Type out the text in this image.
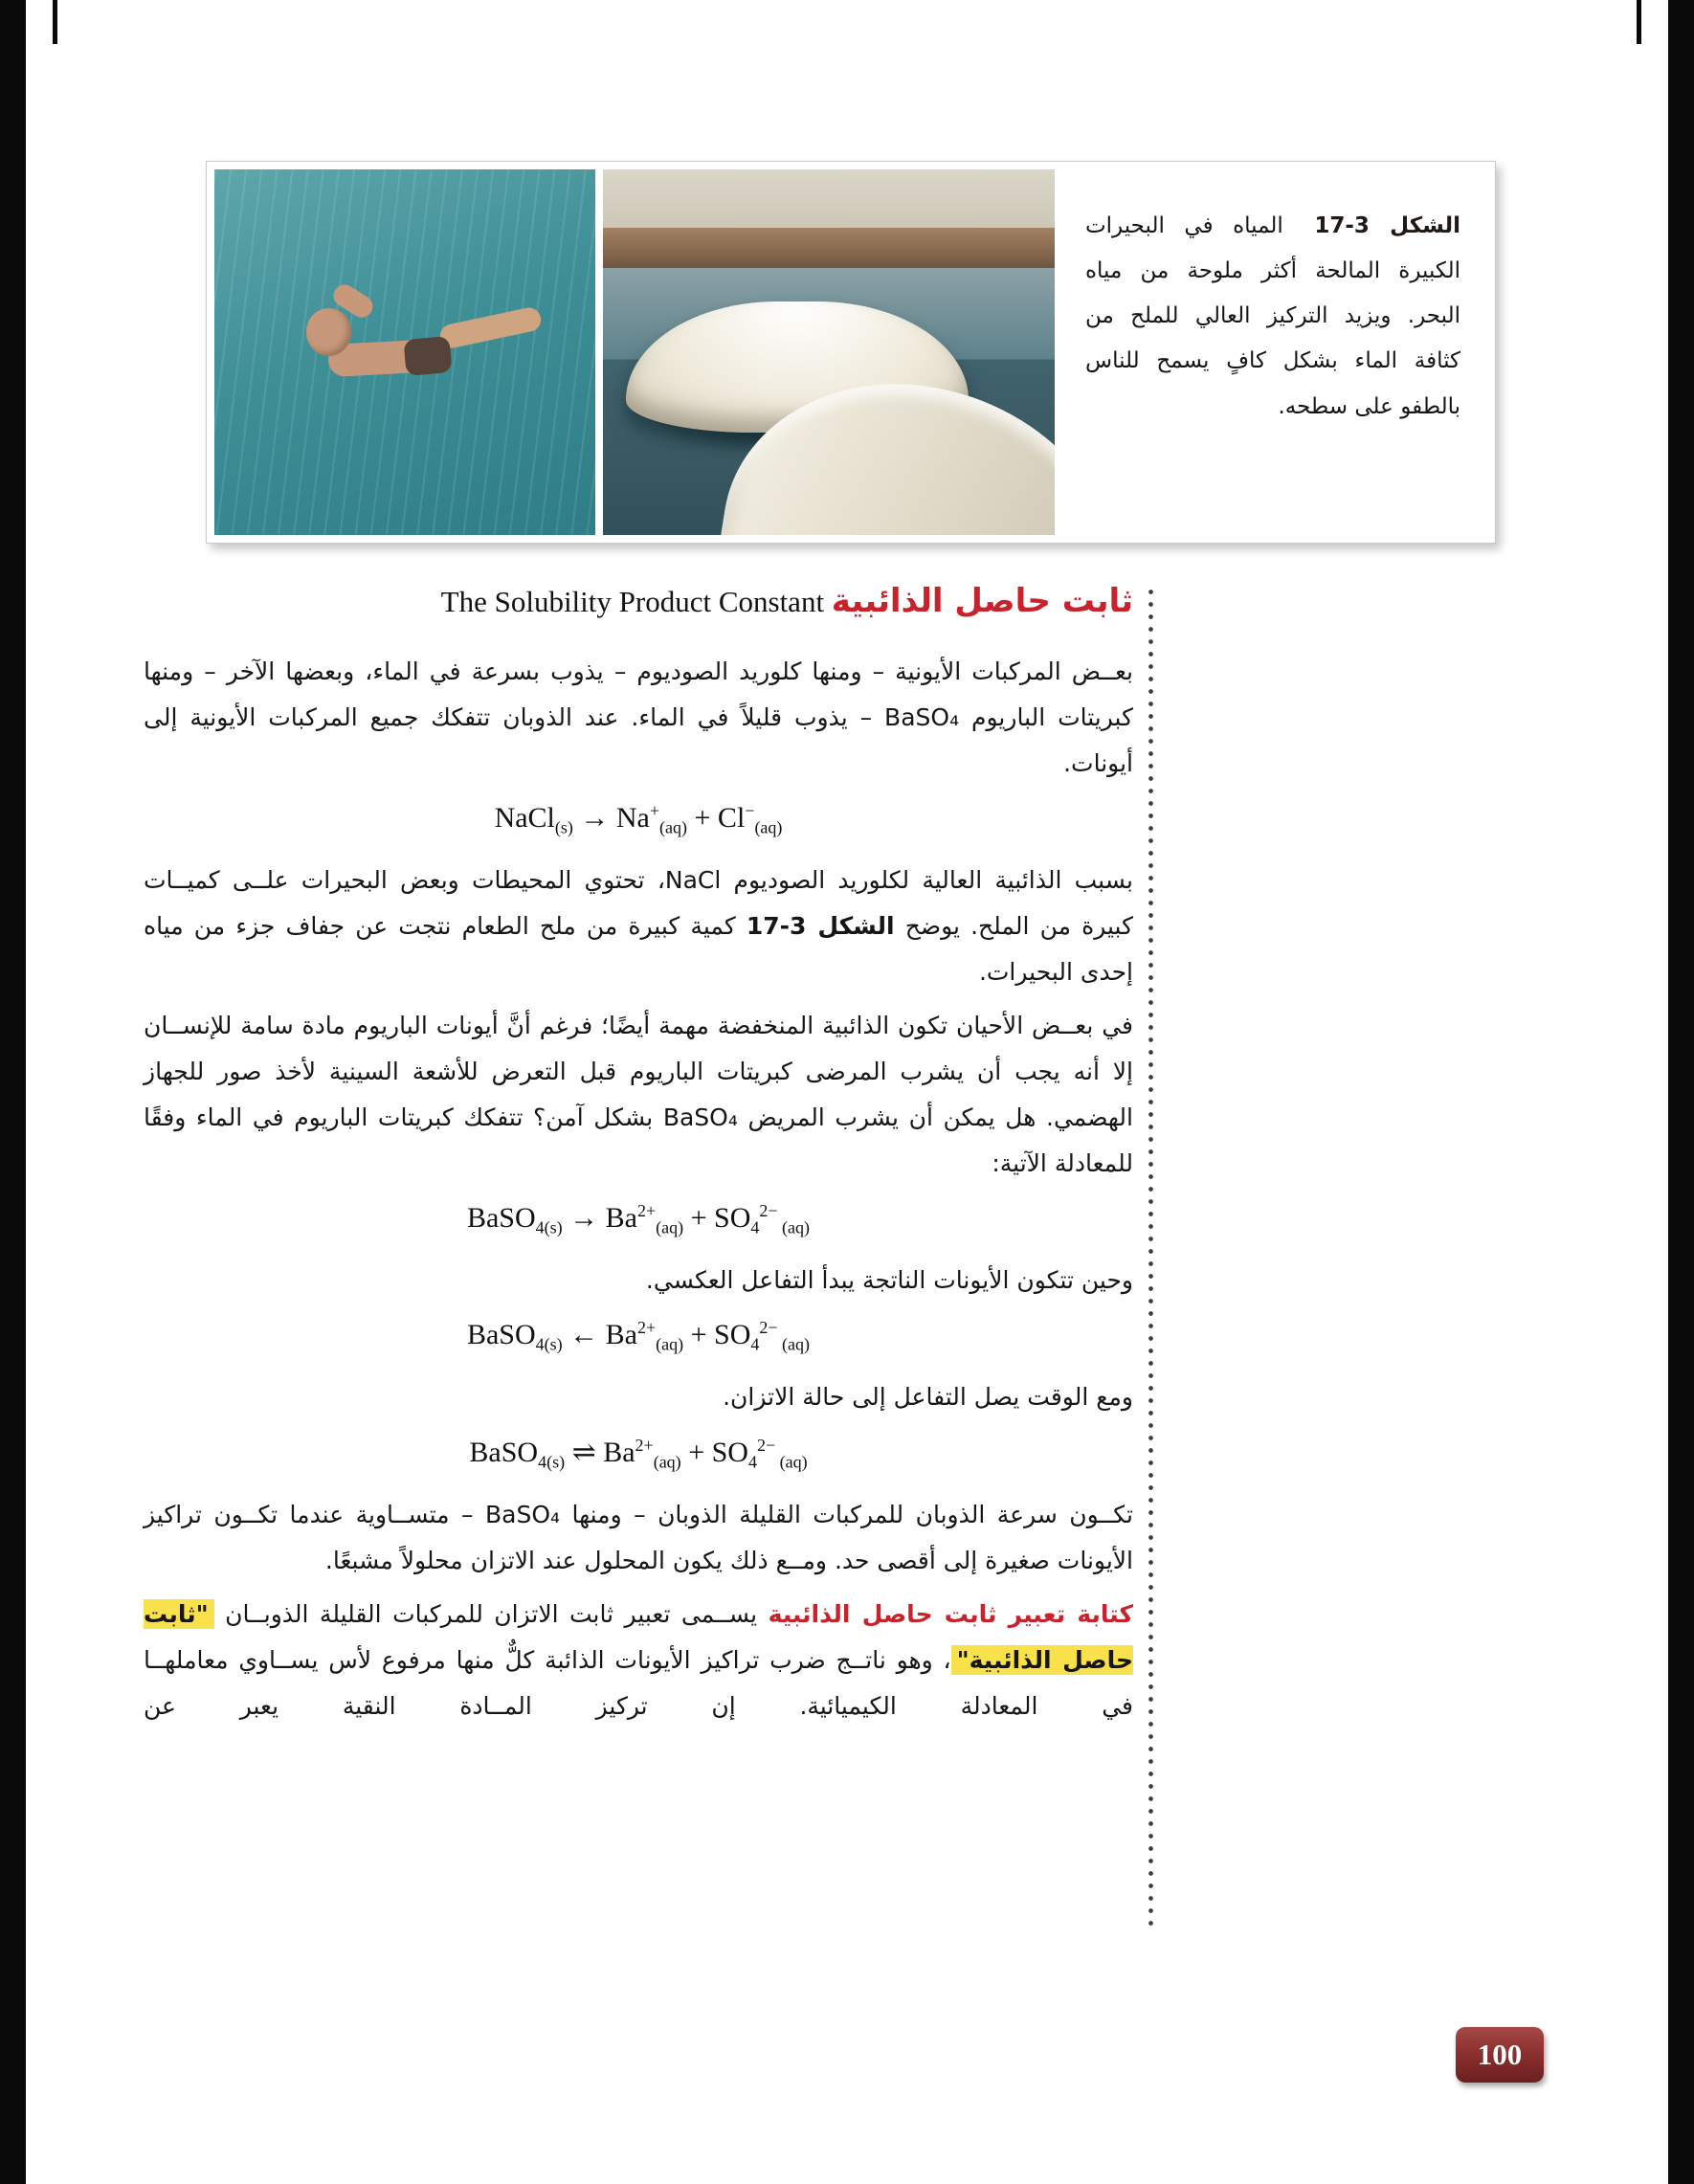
الشكل 3-17 المياه في البحيرات الكبيرة المالحة أكثر ملوحة من مياه البحر. ويزيد التركيز العالي للملح من كثافة الماء بشكل كافٍ يسمح للناس بالطفو على سطحه.
ثابت حاصل الذائبية The Solubility Product Constant

بعــض المركبات الأيونية – ومنها كلوريد الصوديوم – يذوب بسرعة في الماء، وبعضها الآخر – ومنها كبريتات الباريوم BaSO₄ – يذوب قليلاً في الماء. عند الذوبان تتفكك جميع المركبات الأيونية إلى أيونات.

NaCl$_{(s)}$ → $Na^+_{(aq)} + Cl^-_{(aq)}$

بسبب الذائبية العالية لكلوريد الصوديوم NaCl، تحتوي المحيطات وبعض البحيرات علــى كميــات كبيرة من الملح. يوضح الشكل 3-17 كمية كبيرة من ملح الطعام نتجت عن جفاف جزء من مياه إحدى البحيرات.

في بعــض الأحيان تكون الذائبية المنخفضة مهمة أيضًا؛ فرغم أنَّ أيونات الباريوم مادة سامة للإنســان إلا أنه يجب أن يشرب المرضى كبريتات الباريوم قبل التعرض للأشعة السينية لأخذ صور للجهاز الهضمي. هل يمكن أن يشرب المريض BaSO₄ بشكل آمن؟ تتفكك كبريتات الباريوم في الماء وفقًا للمعادلة الآتية:

BaSO$_{4(s)}$ → $Ba^{2+}_{(aq)} + SO_4^{2-}$ $_{(aq)}$

وحين تتكون الأيونات الناتجة يبدأ التفاعل العكسي.

BaSO$_{4(s)}$ ← $Ba^{2+}_{(aq)} + SO_4^{2-}$ $_{(aq)}$

ومع الوقت يصل التفاعل إلى حالة الاتزان.

BaSO$_{4(s)}$ ⇌ $Ba^{2+}_{(aq)} + SO_4^{2-}$ $_{(aq)}$

تكــون سرعة الذوبان للمركبات القليلة الذوبان – ومنها BaSO₄ – متســاوية عندما تكــون تراكيز الأيونات صغيرة إلى أقصى حد. ومــع ذلك يكون المحلول عند الاتزان محلولاً مشبعًا.

كتابة تعبير ثابت حاصل الذائبية يســمى تعبير ثابت الاتزان للمركبات القليلة الذوبــان "ثابت حاصل الذائبية"، وهو ناتــج ضرب تراكيز الأيونات الذائبة كلٌّ منها مرفوع لأس يســاوي معاملهــا في المعادلة الكيميائية. إن تركيز المــادة النقية يعبر عن

100
